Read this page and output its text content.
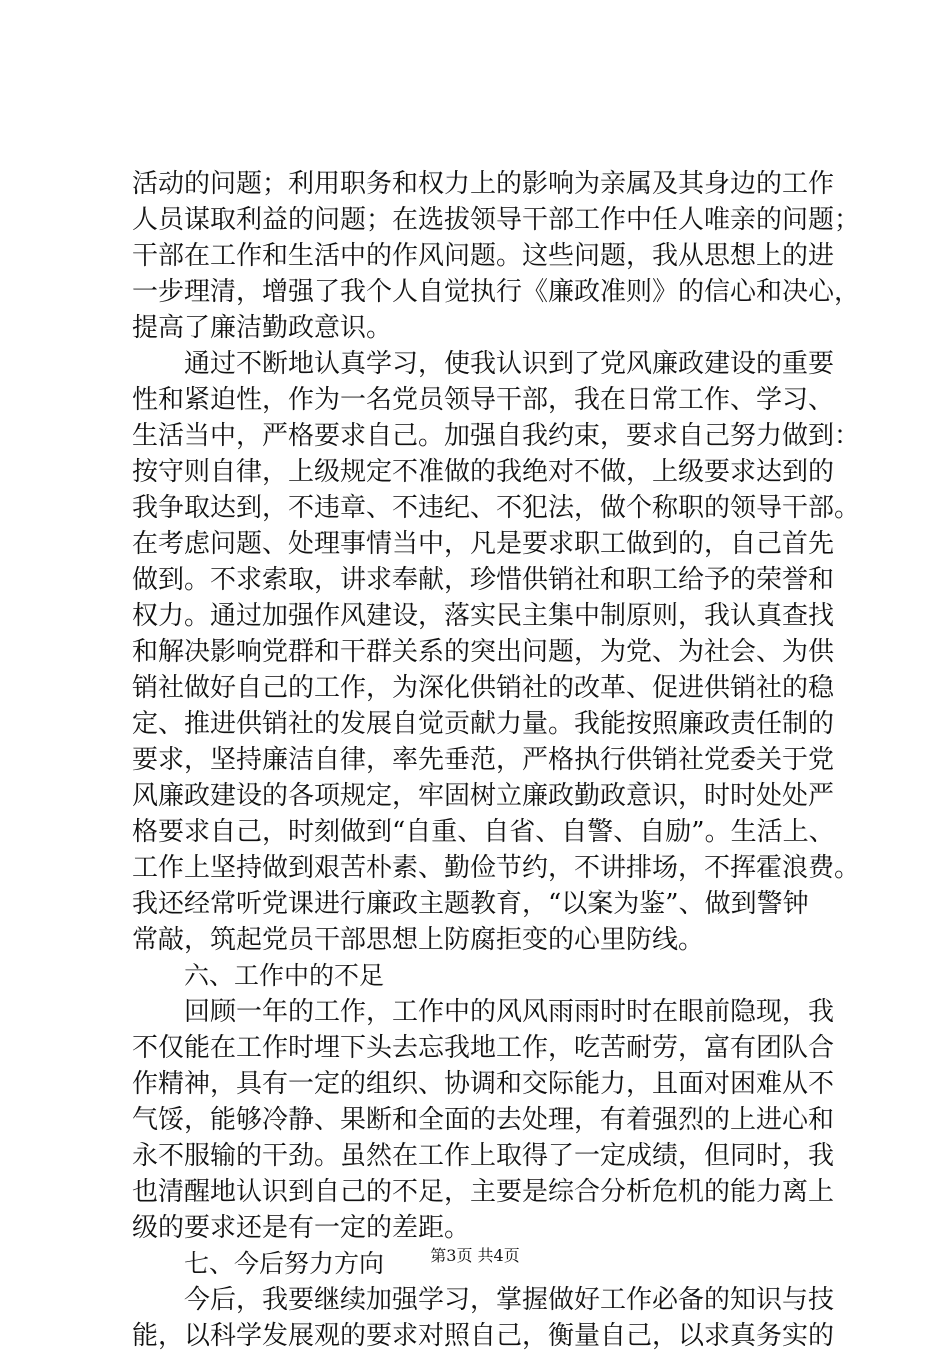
活动的问题；利用职务和权力上的影响为亲属及其身边的工作
人员谋取利益的问题；在选拔领导干部工作中任人唯亲的问题；
干部在工作和生活中的作风问题。这些问题，我从思想上的进
一步理清，增强了我个人自觉执行《廉政准则》的信心和决心，
提高了廉洁勤政意识。
通过不断地认真学习，使我认识到了党风廉政建设的重要
性和紧迫性，作为一名党员领导干部，我在日常工作、学习、
生活当中，严格要求自己。加强自我约束，要求自己努力做到：
按守则自律，上级规定不准做的我绝对不做，上级要求达到的
我争取达到，不违章、不违纪、不犯法，做个称职的领导干部。
在考虑问题、处理事情当中，凡是要求职工做到的，自己首先
做到。不求索取，讲求奉献，珍惜供销社和职工给予的荣誉和
权力。通过加强作风建设，落实民主集中制原则，我认真查找
和解决影响党群和干群关系的突出问题，为党、为社会、为供
销社做好自己的工作，为深化供销社的改革、促进供销社的稳
定、推进供销社的发展自觉贡献力量。我能按照廉政责任制的
要求，坚持廉洁自律，率先垂范，严格执行供销社党委关于党
风廉政建设的各项规定，牢固树立廉政勤政意识，时时处处严
格要求自己，时刻做到“自重、自省、自警、自励”。生活上、
工作上坚持做到艰苦朴素、勤俭节约，不讲排场，不挥霍浪费。
我还经常听党课进行廉政主题教育，“以案为鉴”、做到警钟
常敲，筑起党员干部思想上防腐拒变的心里防线。
六、工作中的不足
回顾一年的工作，工作中的风风雨雨时时在眼前隐现，我
不仅能在工作时埋下头去忘我地工作，吃苦耐劳，富有团队合
作精神，具有一定的组织、协调和交际能力，且面对困难从不
气馁，能够冷静、果断和全面的去处理，有着强烈的上进心和
永不服输的干劲。虽然在工作上取得了一定成绩，但同时，我
也清醒地认识到自己的不足，主要是综合分析危机的能力离上
级的要求还是有一定的差距。
七、今后努力方向
今后，我要继续加强学习，掌握做好工作必备的知识与技
能，以科学发展观的要求对照自己，衡量自己，以求真务实的
第3页 共4页
